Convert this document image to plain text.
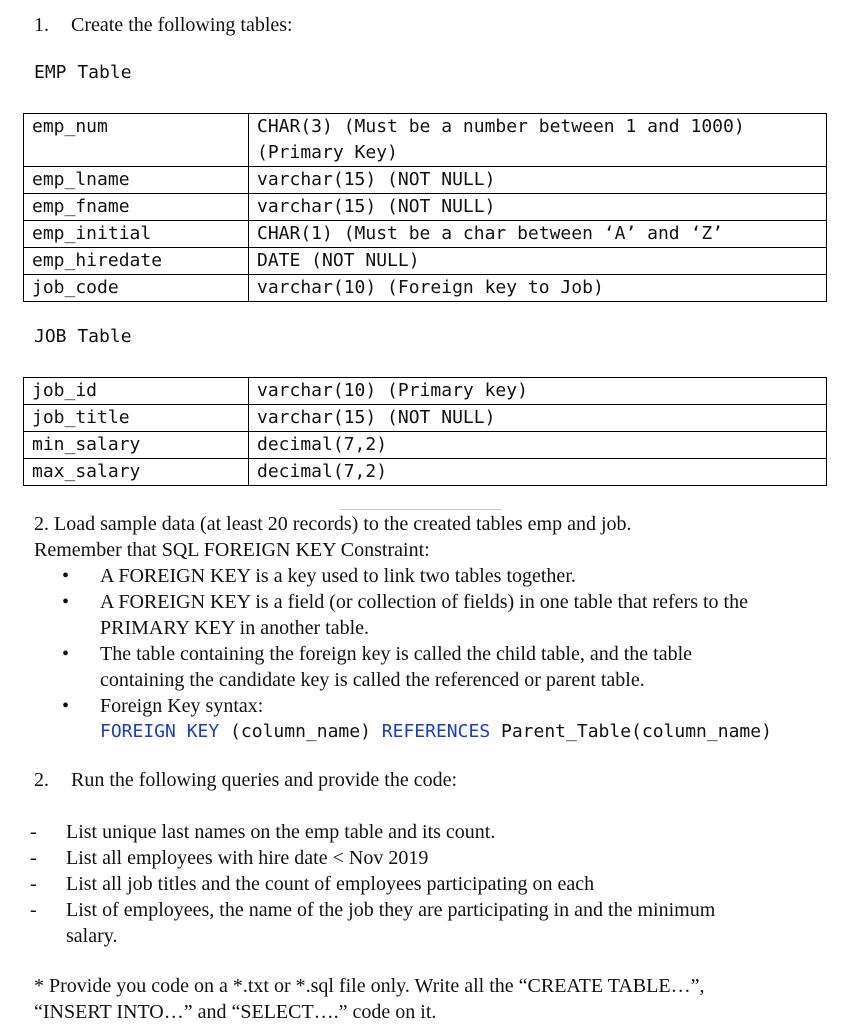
1. Create the following tables:
EMP Table
emp_num	CHAR(3) (Must be a number between 1 and 1000)
(Primary Key)

emp_lname	varchar(15) (NOT NULL)
emp_fname	varchar(15) (NOT NULL)
emp_initial	CHAR(1) (Must be a char between ‘A’ and ‘Z’
emp_hiredate	DATE (NOT NULL)
job_code	varchar(10) (Foreign key to Job)
JOB Table
job_id	varchar(10) (Primary key)
job_title	varchar(15) (NOT NULL)
min_salary	decimal(7,2)
max_salary	decimal(7,2)
2. Load sample data (at least 20 records) to the created tables emp and job.
Remember that SQL FOREIGN KEY Constraint:
• A FOREIGN KEY is a key used to link two tables together.
• A FOREIGN KEY is a field (or collection of fields) in one table that refers to the
PRIMARY KEY in another table.
• The table containing the foreign key is called the child table, and the table
containing the candidate key is called the referenced or parent table.
• Foreign Key syntax:
FOREIGN KEY (column_name) REFERENCES Parent_Table(column_name)
2. Run the following queries and provide the code:
- List unique last names on the emp table and its count.
- List all employees with hire date < Nov 2019
- List all job titles and the count of employees participating on each
- List of employees, the name of the job they are participating in and the minimum
salary.
* Provide you code on a *.txt or *.sql file only. Write all the “CREATE TABLE…”,
“INSERT INTO…” and “SELECT….” code on it.
